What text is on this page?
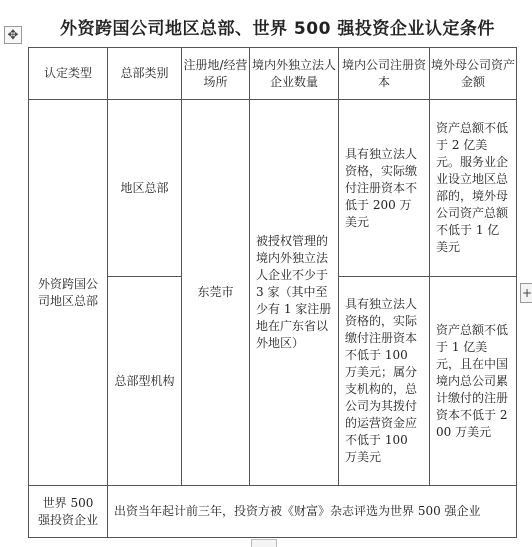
外资跨国公司地区总部、世界 500 强投资企业认定条件
✥
认定类型	总部类别	注册地/经营场所	境内外独立法人企业数量	境内公司注册资本	境外母公司资产金额

外资跨国公司地区总部	地区总部	东莞市	被授权管理的境内外独立法人企业不少于 3 家（其中至少有 1 家注册地在广东省以外地区）	具有独立法人资格，实际缴付注册资本不低于 200 万美元	资产总额不低于 2 亿美元。服务业企业设立地区总部的，境外母公司资产总额不低于 1 亿美元

	总部型机构			具有独立法人资格的，实际缴付注册资本不低于 100 万美元；属分支机构的，总公司为其拨付的运营资金应不低于 100 万美元	资产总额不低于 1 亿美元，且在中国境内总公司累计缴付的注册资本不低于 200 万美元

世界 500 强投资企业	出资当年起计前三年，投资方被《财富》杂志评选为世界 500 强企业				
+
